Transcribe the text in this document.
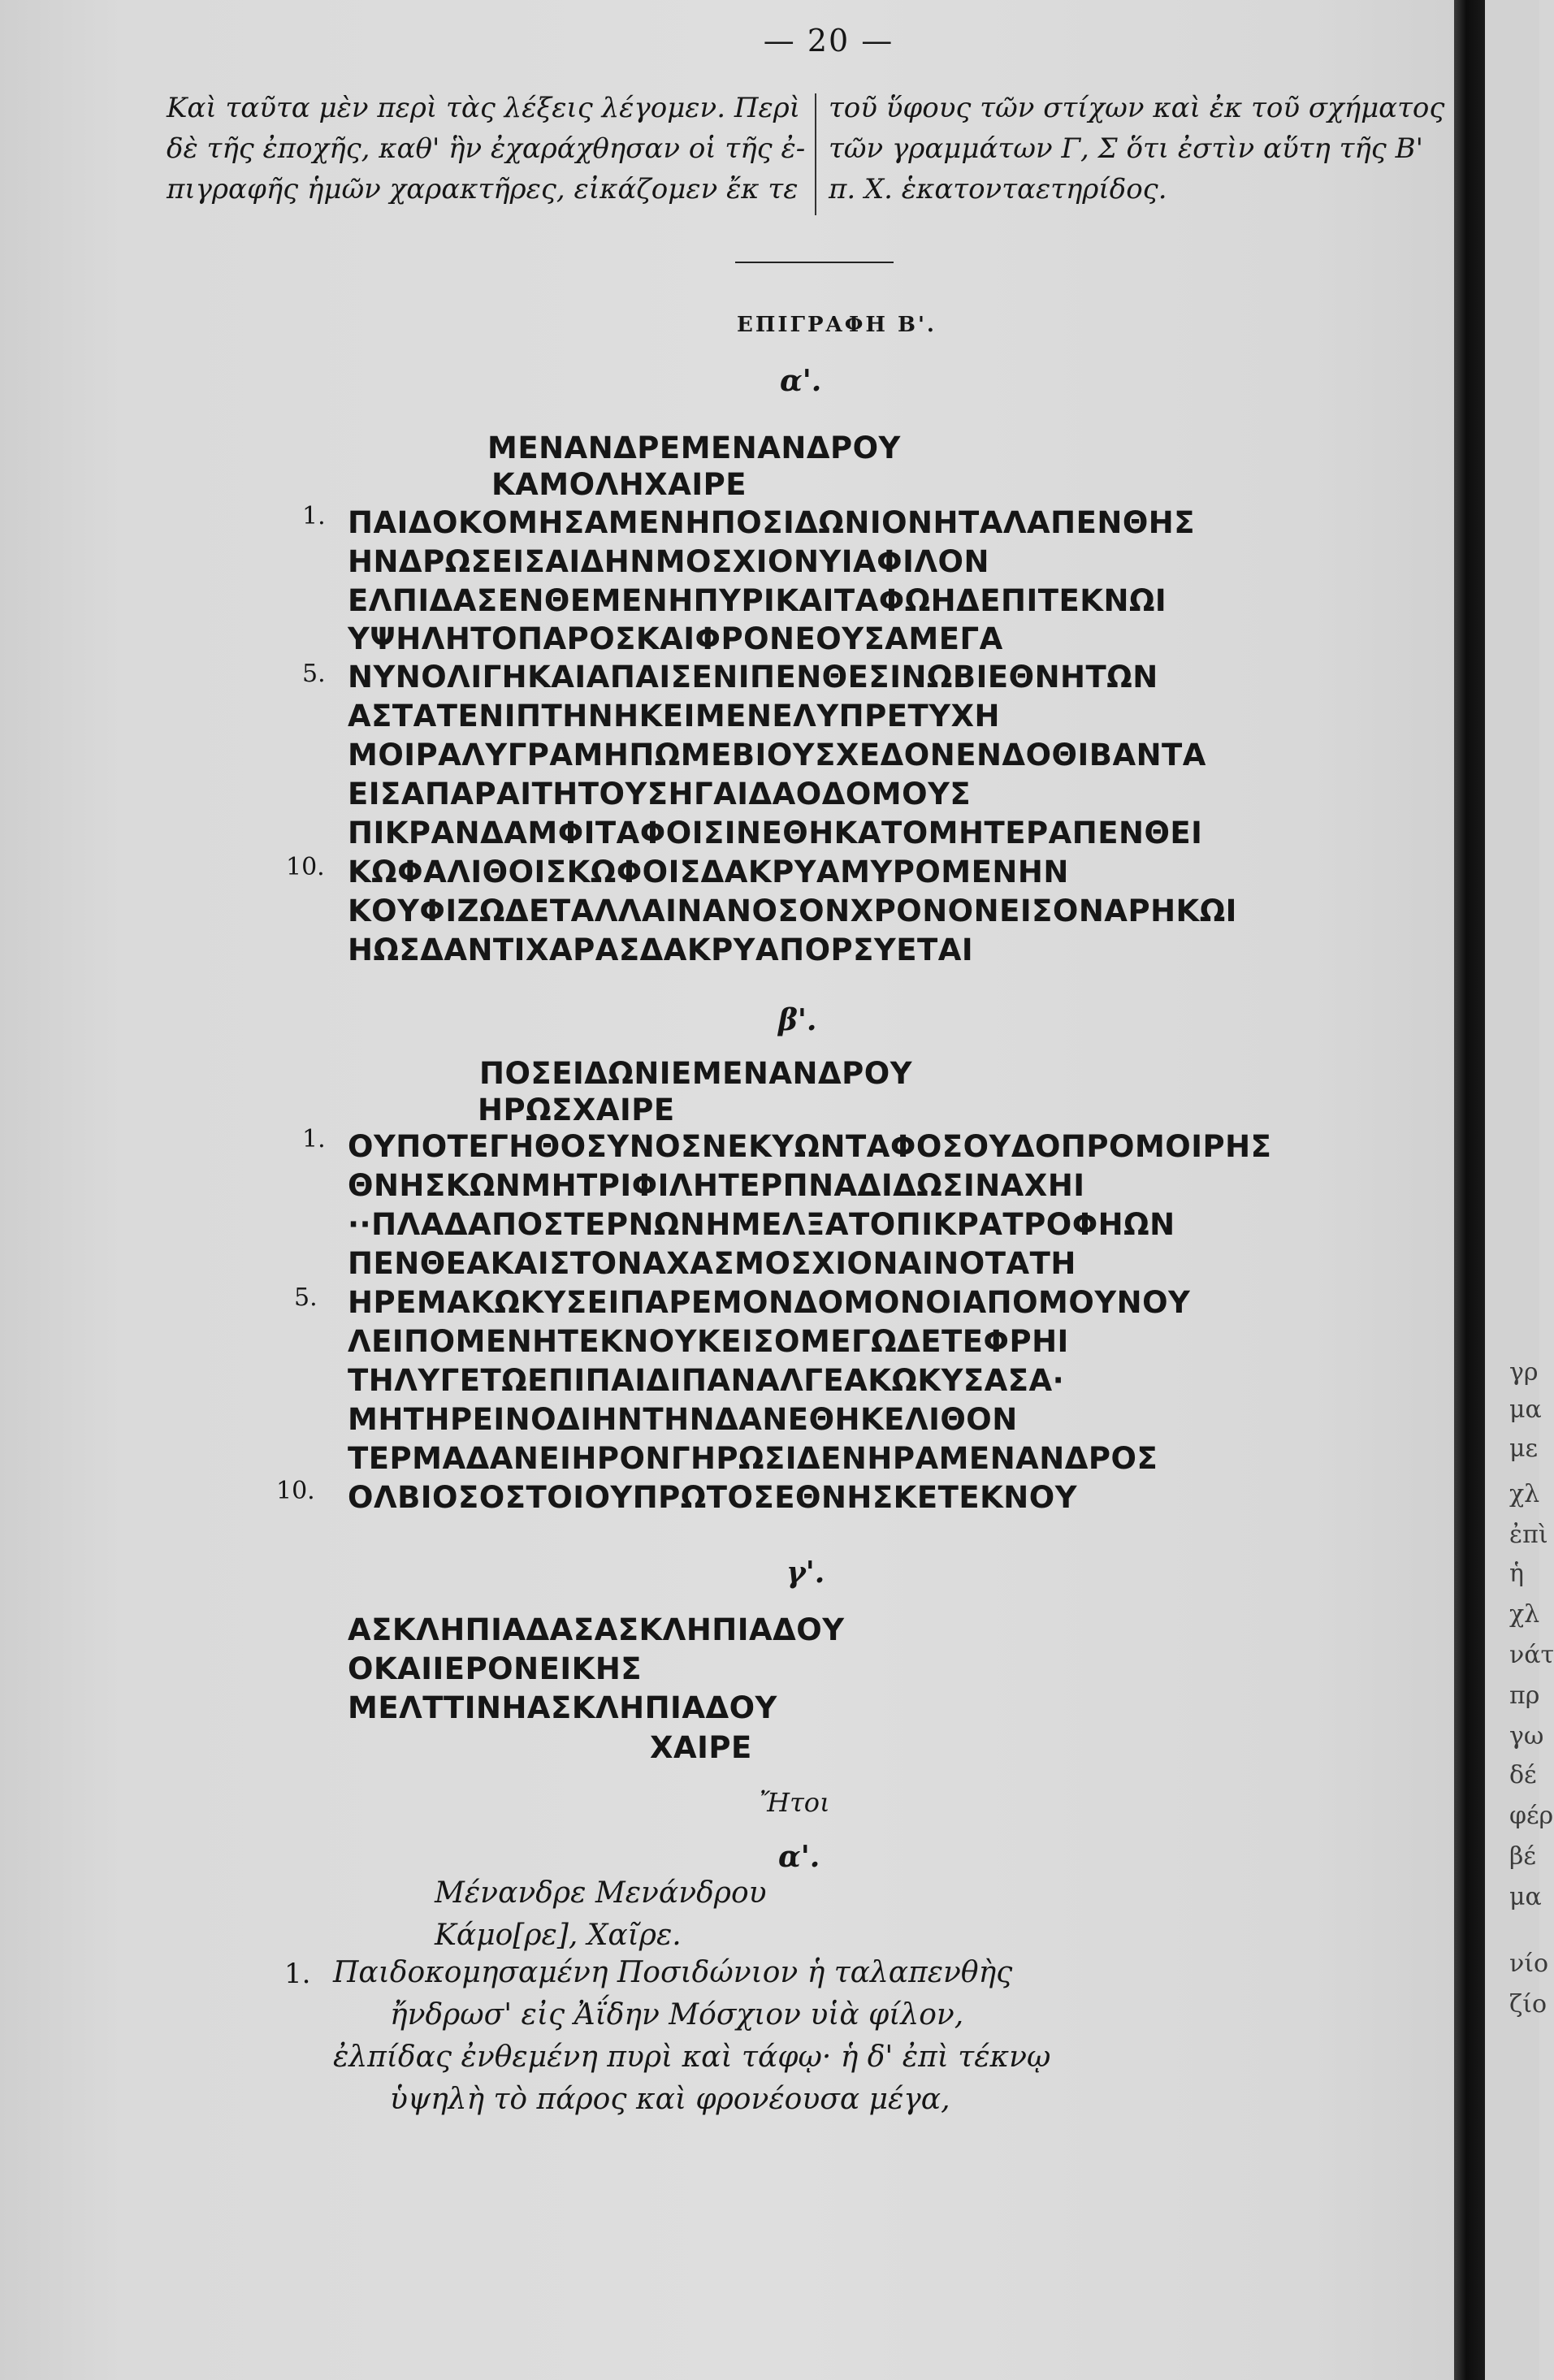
γρ
μα
με
χλ
ἐπὶ
ἡ
χλ
νάτ
πρ
γω
δέ
φέρ
βέ
μα
νίο
ζίο
— 20 —
Καὶ ταῦτα μὲν περὶ τὰς λέξεις λέγομεν. Περὶ
δὲ τῆς ἐποχῆς, καθ' ἣν ἐχαράχθησαν οἱ τῆς ἐ-
πιγραφῆς ἡμῶν χαρακτῆρες, εἰκάζομεν ἔκ τε
τοῦ ὕφους τῶν στίχων καὶ ἐκ τοῦ σχήματος
τῶν γραμμάτων Γ, Σ ὅτι ἐστὶν αὕτη τῆς Β'
π. Χ. ἑκατονταετηρίδος.
ΕΠΙΓΡΑΦΗ Β'.
α'.
ΜΕΝΑΝΔΡΕΜΕΝΑΝΔΡΟΥ
ΚΑΜΟΛΗΧΑΙΡΕ
1.
5.
10.
ΠΑΙΔΟΚΟΜΗΣΑΜΕΝΗΠΟΣΙΔΩΝΙΟΝΗΤΑΛΑΠΕΝΘΗΣ
ΗΝΔΡΩΣΕΙΣΑΙΔΗΝΜΟΣΧΙΟΝΥΙΑΦΙΛΟΝ
ΕΛΠΙΔΑΣΕΝΘΕΜΕΝΗΠΥΡΙΚΑΙΤΑΦΩΗΔΕΠΙΤΕΚΝΩΙ
ΥΨΗΛΗΤΟΠΑΡΟΣΚΑΙΦΡΟΝΕΟΥΣΑΜΕΓΑ
ΝΥΝΟΛΙΓΗΚΑΙΑΠΑΙΣΕΝΙΠΕΝΘΕΣΙΝΩΒΙΕΘΝΗΤΩΝ
ΑΣΤΑΤΕΝΙΠΤΗΝΗΚΕΙΜΕΝΕΛΥΠΡΕΤΥΧΗ
ΜΟΙΡΑΛΥΓΡΑΜΗΠΩΜΕΒΙΟΥΣΧΕΔΟΝΕΝΔΟΘΙΒΑΝΤΑ
ΕΙΣΑΠΑΡΑΙΤΗΤΟΥΣΗΓΑΙΔΑΟΔΟΜΟΥΣ
ΠΙΚΡΑΝΔΑΜΦΙΤΑΦΟΙΣΙΝΕΘΗΚΑΤΟΜΗΤΕΡΑΠΕΝΘΕΙ
ΚΩΦΑΛΙΘΟΙΣΚΩΦΟΙΣΔΑΚΡΥΑΜΥΡΟΜΕΝΗΝ
ΚΟΥΦΙΖΩΔΕΤΑΛΛΑΙΝΑΝΟΣΟΝΧΡΟΝΟΝΕΙΣΟΝΑΡΗΚΩΙ
ΗΩΣΔΑΝΤΙΧΑΡΑΣΔΑΚΡΥΑΠΟΡΣΥΕΤΑΙ
β'.
ΠΟΣΕΙΔΩΝΙΕΜΕΝΑΝΔΡΟΥ
ΗΡΩΣΧΑΙΡΕ
1.
5.
10.
ΟΥΠΟΤΕΓΗΘΟΣΥΝΟΣΝΕΚΥΩΝΤΑΦΟΣΟΥΔΟΠΡΟΜΟΙΡΗΣ
ΘΝΗΣΚΩΝΜΗΤΡΙΦΙΛΗΤΕΡΠΝΑΔΙΔΩΣΙΝΑΧΗΙ
··ΠΛΑΔΑΠΟΣΤΕΡΝΩΝΗΜΕΛΞΑΤΟΠΙΚΡΑΤΡΟΦΗΩΝ
ΠΕΝΘΕΑΚΑΙΣΤΟΝΑΧΑΣΜΟΣΧΙΟΝΑΙΝΟΤΑΤΗ
ΗΡΕΜΑΚΩΚΥΣΕΙΠΑΡΕΜΟΝΔΟΜΟΝΟΙΑΠΟΜΟΥΝΟΥ
ΛΕΙΠΟΜΕΝΗΤΕΚΝΟΥΚΕΙΣΟΜΕΓΩΔΕΤΕΦΡΗΙ
ΤΗΛΥΓΕΤΩΕΠΙΠΑΙΔΙΠΑΝΑΛΓΕΑΚΩΚΥΣΑΣΑ·
ΜΗΤΗΡΕΙΝΟΔΙΗΝΤΗΝΔΑΝΕΘΗΚΕΛΙΘΟΝ
ΤΕΡΜΑΔΑΝΕΙΗΡΟΝΓΗΡΩΣΙΔΕΝΗΡΑΜΕΝΑΝΔΡΟΣ
ΟΛΒΙΟΣΟΣΤΟΙΟΥΠΡΩΤΟΣΕΘΝΗΣΚΕΤΕΚΝΟΥ
γ'.
ΑΣΚΛΗΠΙΑΔΑΣΑΣΚΛΗΠΙΑΔΟΥ
ΟΚΑΙΙΕΡΟΝΕΙΚΗΣ
ΜΕΛΤΤΙΝΗΑΣΚΛΗΠΙΑΔΟΥ
ΧΑΙΡΕ
Ἤτοι
α'.
Μένανδρε Μενάνδρου
Κάμο[ρε], Χαῖρε.
1. Παιδοκομησαμένη Ποσιδώνιον ἡ ταλαπενθὴς
ἤνδρωσ' εἰς Ἀΐδην Μόσχιον υἱὰ φίλον,
ἐλπίδας ἐνθεμένη πυρὶ καὶ τάφῳ· ἡ δ' ἐπὶ τέκνῳ
ὑψηλὴ τὸ πάρος καὶ φρονέουσα μέγα,
